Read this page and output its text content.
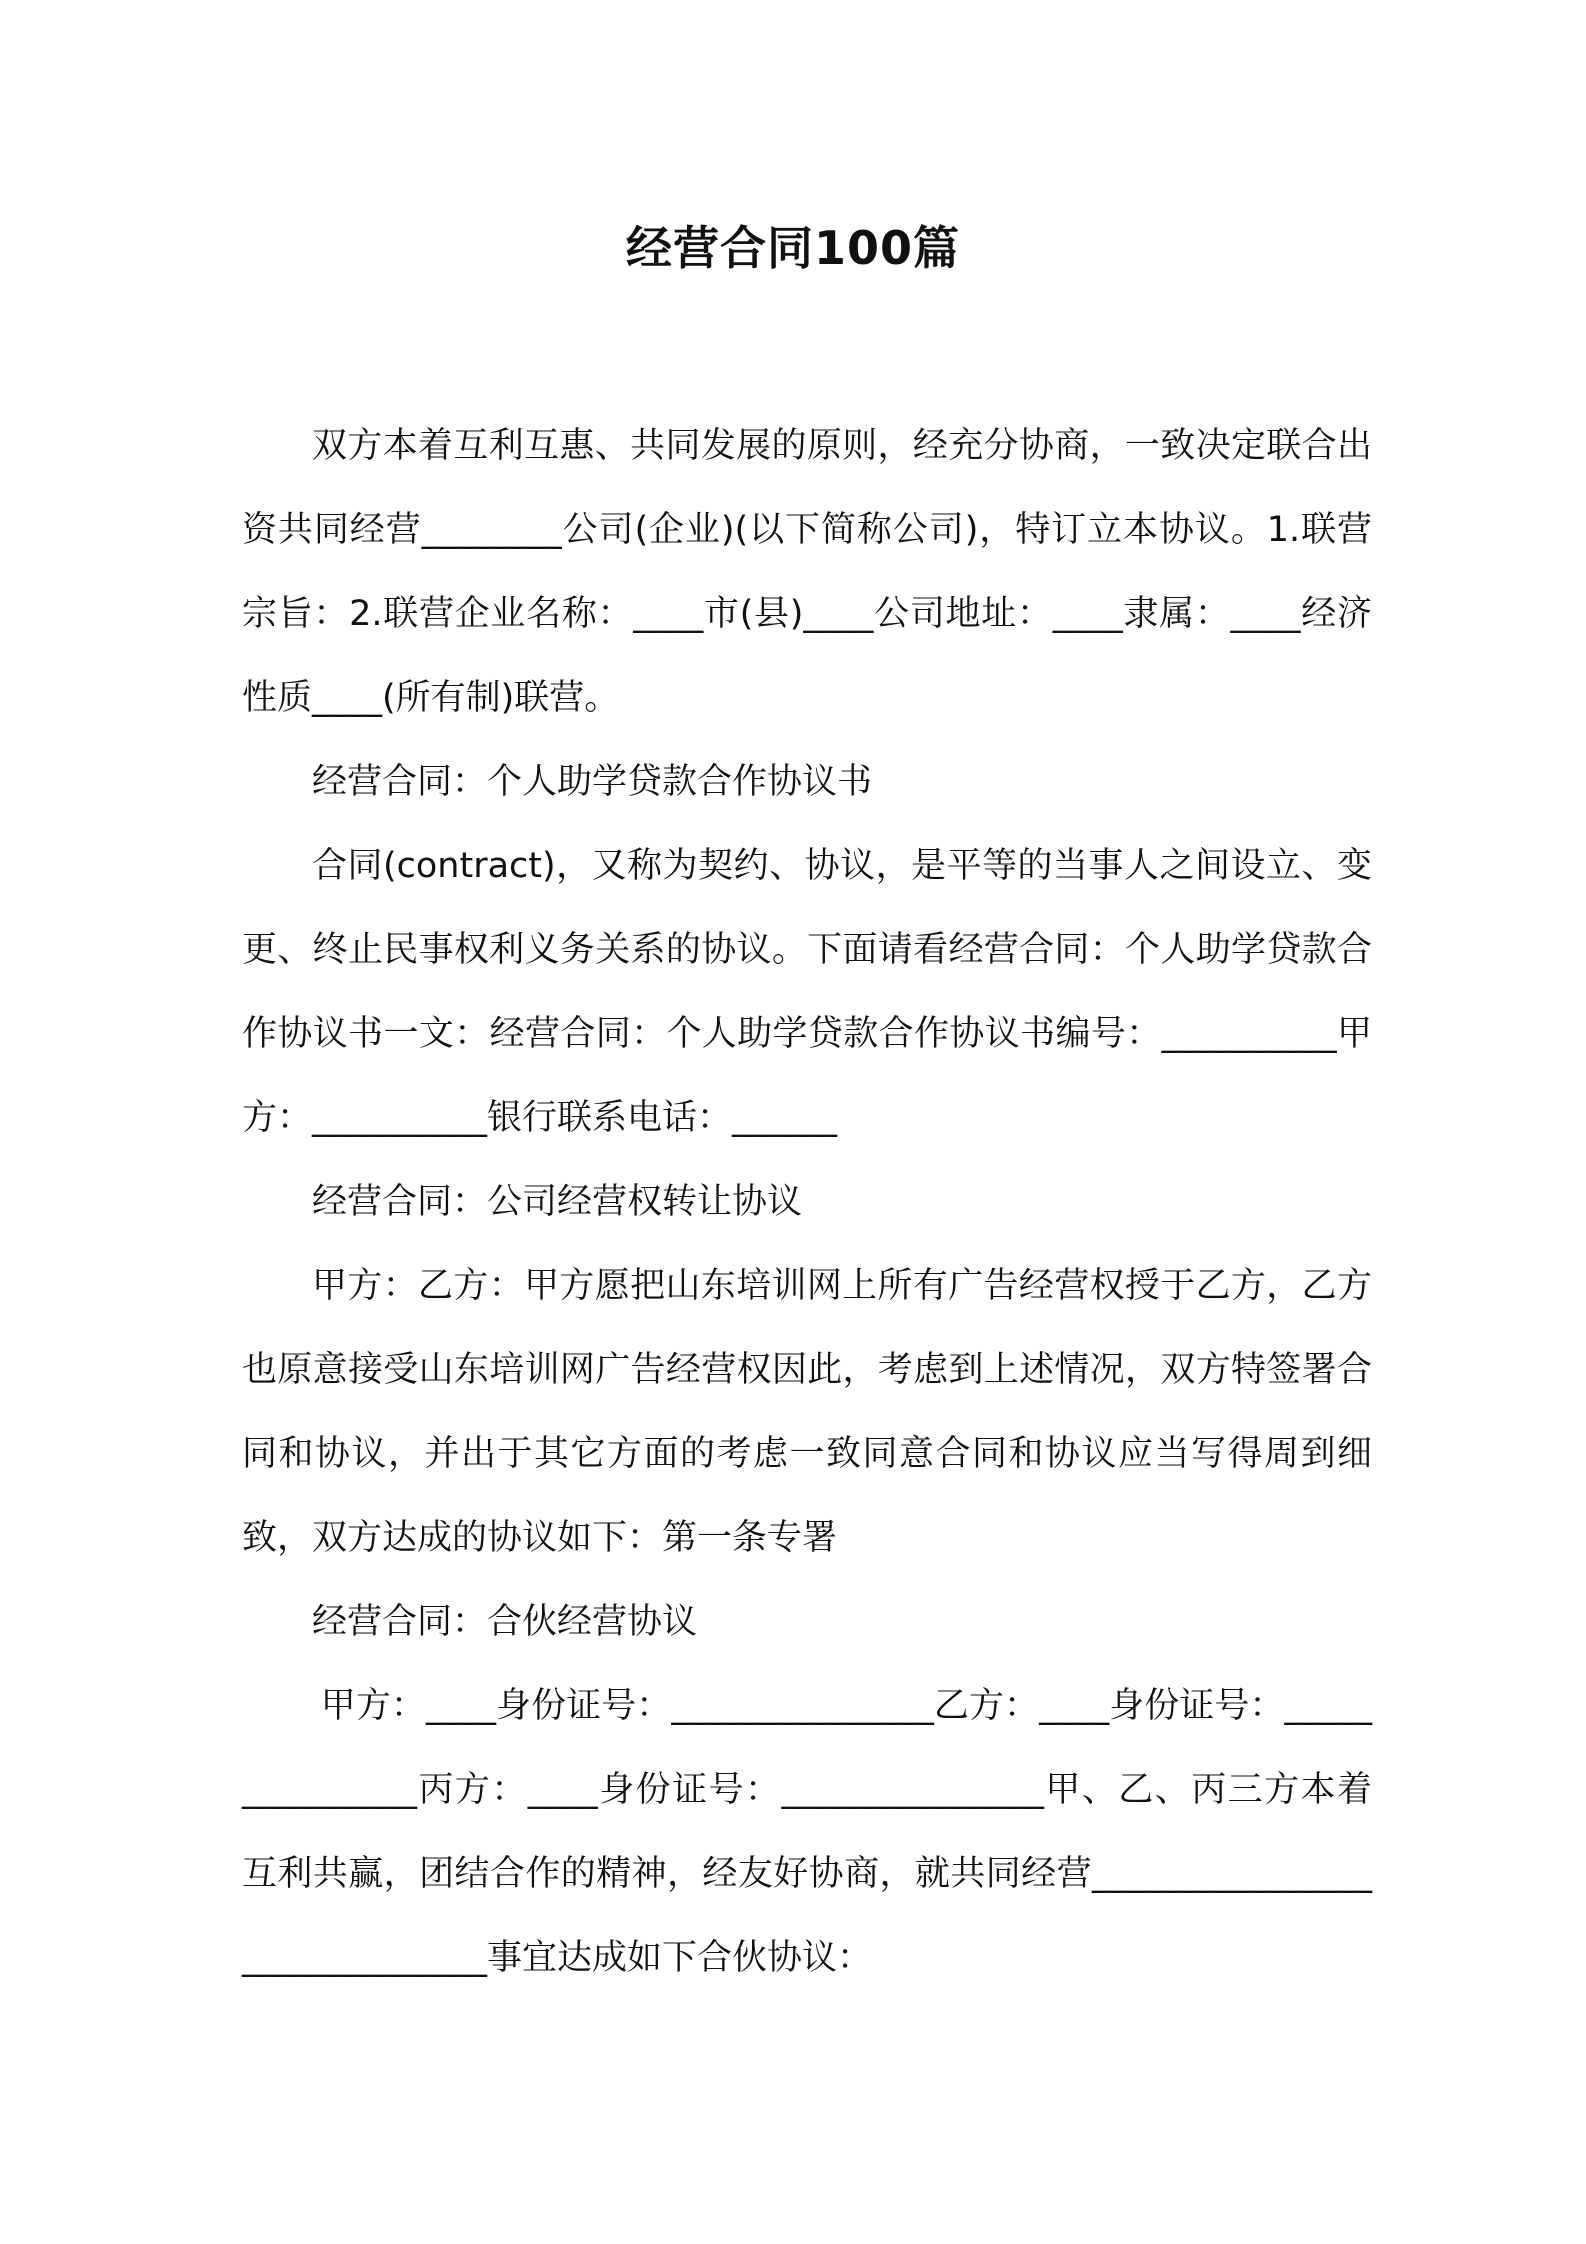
经营合同100篇

双方本着互利互惠、共同发展的原则，经充分协商，一致决定联合出资共同经营________公司(企业)(以下简称公司)，特订立本协议。1.联营宗旨：2.联营企业名称：____市(县)____公司地址：____隶属：____经济性质____(所有制)联营。

经营合同：个人助学贷款合作协议书

合同(contract)，又称为契约、协议，是平等的当事人之间设立、变更、终止民事权利义务关系的协议。下面请看经营合同：个人助学贷款合作协议书一文：经营合同：个人助学贷款合作协议书编号：__________甲方：__________银行联系电话：______

经营合同：公司经营权转让协议

甲方：乙方：甲方愿把山东培训网上所有广告经营权授于乙方，乙方也原意接受山东培训网广告经营权因此，考虑到上述情况，双方特签署合同和协议，并出于其它方面的考虑一致同意合同和协议应当写得周到细致，双方达成的协议如下：第一条专署

经营合同：合伙经营协议

甲方：____身份证号：_______________乙方：____身份证号：_______________丙方：____身份证号：_______________甲、乙、丙三方本着互利共赢，团结合作的精神，经友好协商，就共同经营______________________________事宜达成如下合伙协议：
